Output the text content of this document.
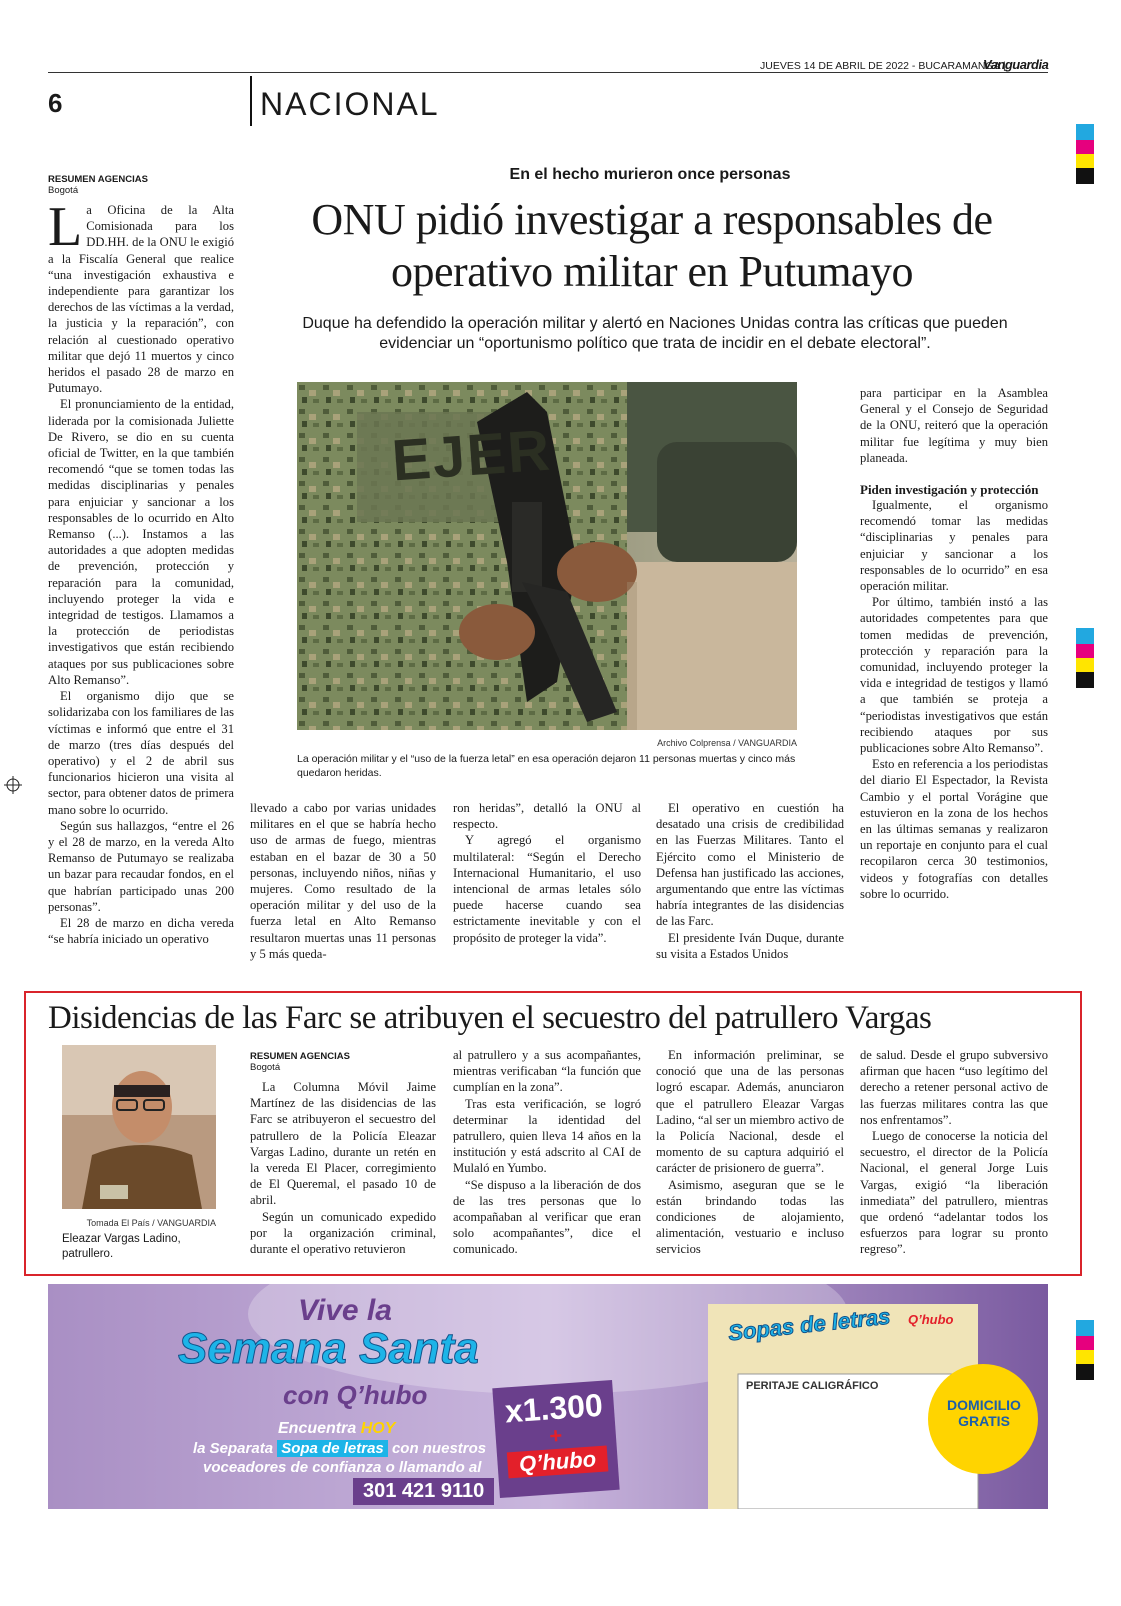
JUEVES 14 DE ABRIL DE 2022 - BUCARAMANGA |
Vanguardia
6	NACIONAL
RESUMEN AGENCIAS
Bogotá

La Oficina de la Alta Comisionada para los DD.HH. de la ONU le exigió a la Fiscalía General que realice “una investigación exhaustiva e independiente para garantizar los derechos de las víctimas a la verdad, la justicia y la reparación”, con relación al cuestionado operativo militar que dejó 11 muertos y cinco heridos el pasado 28 de marzo en Putumayo.

El pronunciamiento de la entidad, liderada por la comisionada Juliette De Rivero, se dio en su cuenta oficial de Twitter, en la que también recomendó “que se tomen todas las medidas disciplinarias y penales para enjuiciar y sancionar a los responsables de lo ocurrido en Alto Remanso (...). Instamos a las autoridades a que adopten medidas de prevención, protección y reparación para la comunidad, incluyendo proteger la vida e integridad de testigos. Llamamos a la protección de periodistas investigativos que están recibiendo ataques por sus publicaciones sobre Alto Remanso”.

El organismo dijo que se solidarizaba con los familiares de las víctimas e informó que entre el 31 de marzo (tres días después del operativo) y el 2 de abril sus funcionarios hicieron una visita al sector, para obtener datos de primera mano sobre lo ocurrido.

Según sus hallazgos, “entre el 26 y el 28 de marzo, en la vereda Alto Remanso de Putumayo se realizaba un bazar para recaudar fondos, en el que habrían participado unas 200 personas”.

El 28 de marzo en dicha vereda “se habría iniciado un operativo

En el hecho murieron once personas
ONU pidió investigar a responsables de operativo militar en Putumayo
Duque ha defendido la operación militar y alertó en Naciones Unidas contra las críticas que pueden evidenciar un “oportunismo político que trata de incidir en el debate electoral”.
EJER
Archivo Colprensa / VANGUARDIA
La operación militar y el “uso de la fuerza letal” en esa operación dejaron 11 personas muertas y cinco más quedaron heridas.

llevado a cabo por varias unidades militares en el que se habría hecho uso de armas de fuego, mientras estaban en el bazar de 30 a 50 personas, incluyendo niños, niñas y mujeres. Como resultado de la operación militar y del uso de la fuerza letal en Alto Remanso resultaron muertas unas 11 personas y 5 más queda-

ron heridas”, detalló la ONU al respecto.

Y agregó el organismo multilateral: “Según el Derecho Internacional Humanitario, el uso intencional de armas letales sólo puede hacerse cuando sea estrictamente inevitable y con el propósito de proteger la vida”.

El operativo en cuestión ha desatado una crisis de credibilidad en las Fuerzas Militares. Tanto el Ejército como el Ministerio de Defensa han justificado las acciones, argumentando que entre las víctimas habría integrantes de las disidencias de las Farc.

El presidente Iván Duque, durante su visita a Estados Unidos

para participar en la Asamblea General y el Consejo de Seguridad de la ONU, reiteró que la operación militar fue legítima y muy bien planeada.

Piden investigación y protección

Igualmente, el organismo recomendó tomar las medidas “disciplinarias y penales para enjuiciar y sancionar a los responsables de lo ocurrido” en esa operación militar.

Por último, también instó a las autoridades competentes para que tomen medidas de prevención, protección y reparación para la comunidad, incluyendo proteger la vida e integridad de testigos y llamó a que también se proteja a “periodistas investigativos que están recibiendo ataques por sus publicaciones sobre Alto Remanso”.

Esto en referencia a los periodistas del diario El Espectador, la Revista Cambio y el portal Vorágine que estuvieron en la zona de los hechos en las últimas semanas y realizaron un reportaje en conjunto para el cual recopilaron cerca 30 testimonios, videos y fotografías con detalles sobre lo ocurrido.

Disidencias de las Farc se atribuyen el secuestro del patrullero Vargas
Tomada El País / VANGUARDIA
Eleazar Vargas Ladino, patrullero.
RESUMEN AGENCIAS
Bogotá

La Columna Móvil Jaime Martínez de las disidencias de las Farc se atribuyeron el secuestro del patrullero de la Policía Eleazar Vargas Ladino, durante un retén en la vereda El Placer, corregimiento de El Queremal, el pasado 10 de abril.

Según un comunicado expedido por la organización criminal, durante el operativo retuvieron

al patrullero y a sus acompañantes, mientras verificaban “la función que cumplían en la zona”.

Tras esta verificación, se logró determinar la identidad del patrullero, quien lleva 14 años en la institución y está adscrito al CAI de Mulaló en Yumbo.

“Se dispuso a la liberación de dos de las tres personas que lo acompañaban al verificar que eran solo acompañantes”, dice el comunicado.

En información preliminar, se conoció que una de las personas logró escapar. Además, anunciaron que el patrullero Eleazar Vargas Ladino, “al ser un miembro activo de la Policía Nacional, desde el momento de su captura adquirió el carácter de prisionero de guerra”.

Asimismo, aseguran que se le están brindando todas las condiciones de alojamiento, alimentación, vestuario e incluso servicios

de salud. Desde el grupo subversivo afirman que hacen “uso legítimo del derecho a retener personal activo de las fuerzas militares contra las que nos enfrentamos”.

Luego de conocerse la noticia del secuestro, el director de la Policía Nacional, el general Jorge Luis Vargas, exigió “la liberación inmediata” del patrullero, mientras que ordenó “adelantar todos los esfuerzos para lograr su pronto regreso”.

Vive la
Semana Santa
con Q’hubo
Encuentra HOY
la Separata Sopa de letras con nuestros
voceadores de confianza o llamando al
301 421 9110
x1.300
+
Q’hubo
Sopas de letras Q’hubo
PERITAJE CALIGRÁFICO
DOMICILIO GRATIS
